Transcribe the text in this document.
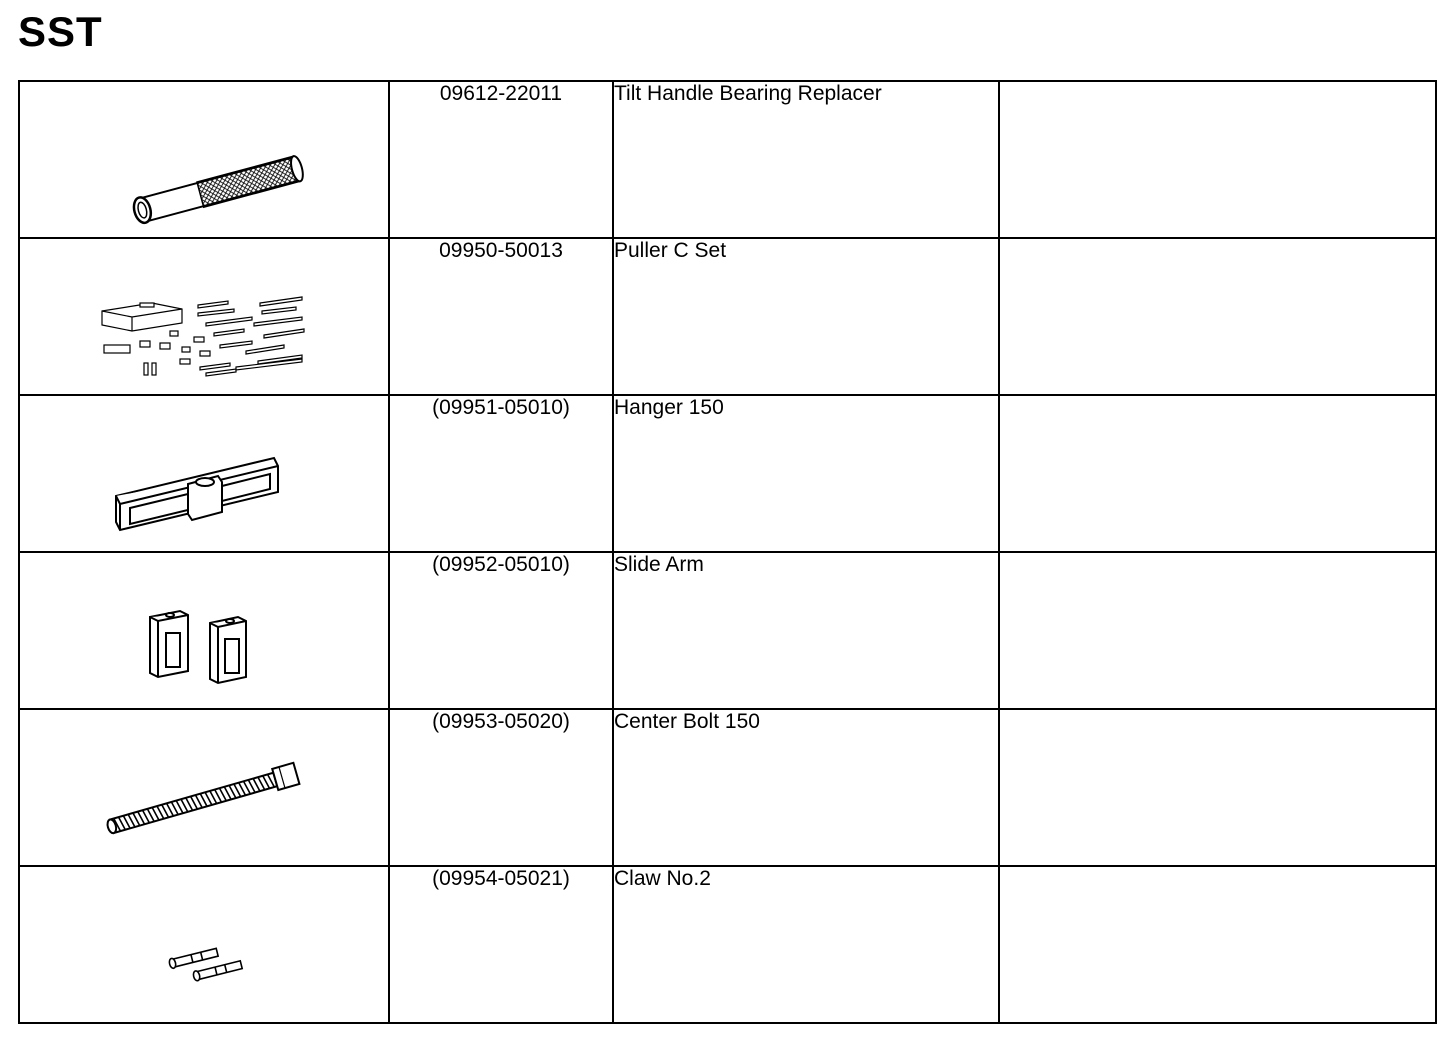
SST
	09612-22011	Tilt Handle Bearing Replacer	

	09950-50013	Puller C Set	

	(09951-05010)	Hanger 150	

	(09952-05010)	Slide Arm	

	(09953-05020)	Center Bolt 150	

	(09954-05021)	Claw No.2	
